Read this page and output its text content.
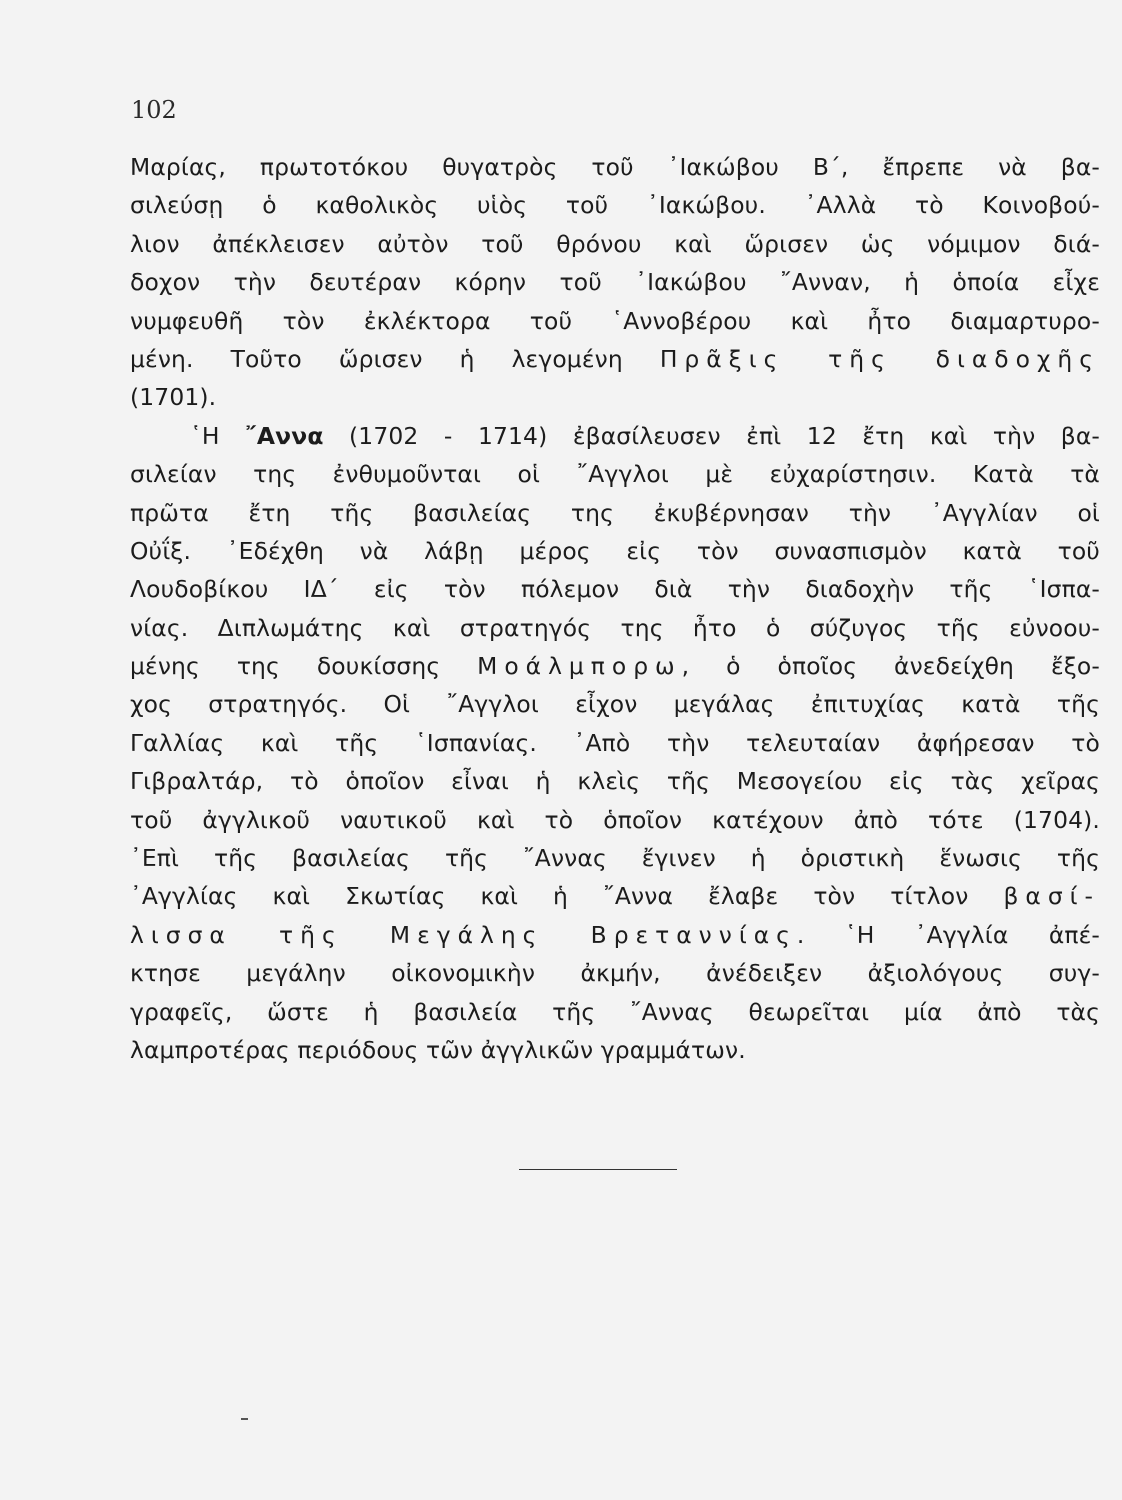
102
Μαρίας, πρωτοτόκου θυγατρὸς τοῦ ᾿Ιακώβου Β΄, ἔπρεπε νὰ βα-
σιλεύσῃ ὁ καθολικὸς υἱὸς τοῦ ᾿Ιακώβου. ᾿Αλλὰ τὸ Κοινοβού-
λιον ἀπέκλεισεν αὐτὸν τοῦ θρόνου καὶ ὥρισεν ὡς νόμιμον διά-
δοχον τὴν δευτέραν κόρην τοῦ ᾿Ιακώβου ῎Ανναν, ἡ ὁποία εἶχε
νυμφευθῆ τὸν ἐκλέκτορα τοῦ ῾Αννοβέρου καὶ ἦτο διαμαρτυρο-
μένη. Τοῦτο ὥρισεν ἡ λεγομένη Πρᾶξις τῆς διαδοχῆς
(1701).
῾Η ῎Αννα (1702 - 1714) ἐβασίλευσεν ἐπὶ 12 ἔτη καὶ τὴν βα-
σιλείαν της ἐνθυμοῦνται οἱ ῎Αγγλοι μὲ εὐχαρίστησιν. Κατὰ τὰ
πρῶτα ἔτη τῆς βασιλείας της ἐκυβέρνησαν τὴν ᾿Αγγλίαν οἱ
Οὐΐξ. ᾿Εδέχθη νὰ λάβῃ μέρος εἰς τὸν συνασπισμὸν κατὰ τοῦ
Λουδοβίκου ΙΔ΄ εἰς τὸν πόλεμον διὰ τὴν διαδοχὴν τῆς ῾Ισπα-
νίας. Διπλωμάτης καὶ στρατηγός της ἦτο ὁ σύζυγος τῆς εὐνοου-
μένης της δουκίσσης Μοάλμπορω, ὁ ὁποῖος ἀνεδείχθη ἔξο-
χος στρατηγός. Οἱ ῎Αγγλοι εἶχον μεγάλας ἐπιτυχίας κατὰ τῆς
Γαλλίας καὶ τῆς ῾Ισπανίας. ᾿Απὸ τὴν τελευταίαν ἀφήρεσαν τὸ
Γιβραλτάρ, τὸ ὁποῖον εἶναι ἡ κλεὶς τῆς Μεσογείου εἰς τὰς χεῖρας
τοῦ ἀγγλικοῦ ναυτικοῦ καὶ τὸ ὁποῖον κατέχουν ἀπὸ τότε (1704).
᾿Επὶ τῆς βασιλείας τῆς ῎Αννας ἔγινεν ἡ ὁριστικὴ ἕνωσις τῆς
᾿Αγγλίας καὶ Σκωτίας καὶ ἡ ῎Αννα ἔλαβε τὸν τίτλον βασί-
λισσα τῆς Μεγάλης Βρεταννίας. ῾Η ᾿Αγγλία ἀπέ-
κτησε μεγάλην οἰκονομικὴν ἀκμήν, ἀνέδειξεν ἀξιολόγους συγ-
γραφεῖς, ὥστε ἡ βασιλεία τῆς ῎Αννας θεωρεῖται μία ἀπὸ τὰς
λαμπροτέρας περιόδους τῶν ἀγγλικῶν γραμμάτων.
